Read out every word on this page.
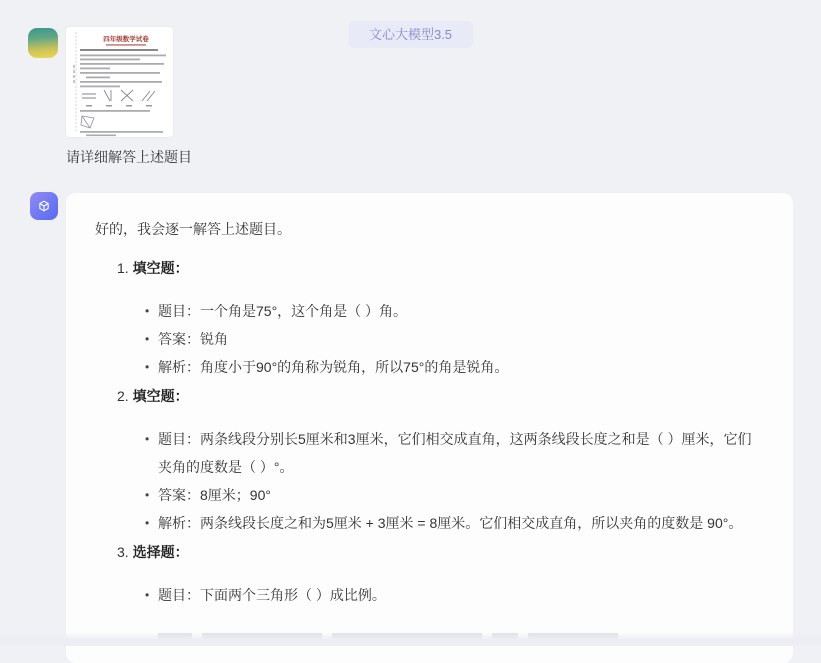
文心大模型3.5
四年级数学试卷
请详细解答上述题目

好的，我会逐一解答上述题目。

1. 填空题：
• 题目：一个角是75°，这个角是（ ）角。
• 答案：锐角
• 解析：角度小于90°的角称为锐角，所以75°的角是锐角。
2. 填空题：
• 题目：两条线段分别长5厘米和3厘米，它们相交成直角，这两条线段长度之和是（ ）厘米，它们夹角的度数是（ ）°。
• 答案：8厘米；90°
• 解析：两条线段长度之和为5厘米 + 3厘米 = 8厘米。它们相交成直角，所以夹角的度数是 90°。
3. 选择题：
• 题目：下面两个三角形（ ）成比例。
